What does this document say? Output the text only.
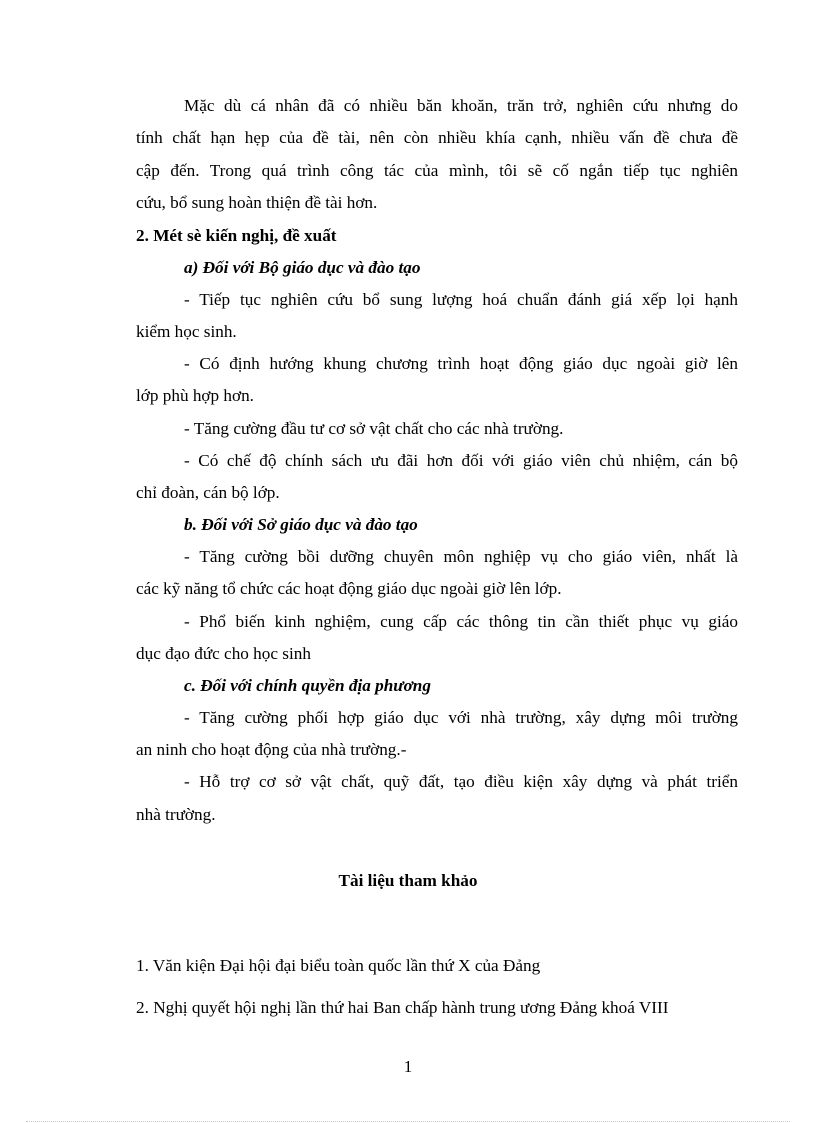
Mặc dù cá nhân đã có nhiều băn khoăn, trăn trở, nghiên cứu nhưng do
tính chất hạn hẹp của đề tài, nên còn nhiều khía cạnh, nhiều vấn đề chưa đề
cập đến. Trong quá trình công tác của mình, tôi sẽ cố ngắn tiếp tục nghiên
cứu, bổ sung hoàn thiện đề tài hơn.
2. Mét sè kiến nghị, đề xuất
a) Đối với Bộ giáo dục và đào tạo
- Tiếp tục nghiên cứu bổ sung lượng hoá chuẩn đánh giá xếp lọi hạnh
kiểm học sinh.
- Có định hướng khung chương trình hoạt động giáo dục ngoài giờ lên
lớp phù hợp hơn.
- Tăng cường đầu tư cơ sở vật chất cho các nhà trường.
- Có chế độ chính sách ưu đãi hơn đối với giáo viên chủ nhiệm, cán bộ
chỉ đoàn, cán bộ lớp.
b. Đối với Sở giáo dục và đào tạo
- Tăng cường bồi dưỡng chuyên môn nghiệp vụ cho giáo viên, nhất là
các kỹ năng tổ chức các hoạt động giáo dục ngoài giờ lên lớp.
- Phổ biến kinh nghiệm, cung cấp các thông tin cần thiết phục vụ giáo
dục đạo đức cho học sinh
c. Đối với chính quyền địa phương
- Tăng cường phối hợp giáo dục với nhà trường, xây dựng môi trường
an ninh cho hoạt động của nhà trường.-
- Hỗ trợ cơ sở vật chất, quỹ đất, tạo điều kiện xây dựng và phát triển
nhà trường.
Tài liệu tham khảo
1. Văn kiện Đại hội đại biểu toàn quốc lần thứ X của Đảng
2. Nghị quyết hội nghị lần thứ hai Ban chấp hành trung ương Đảng khoá VIII
1
